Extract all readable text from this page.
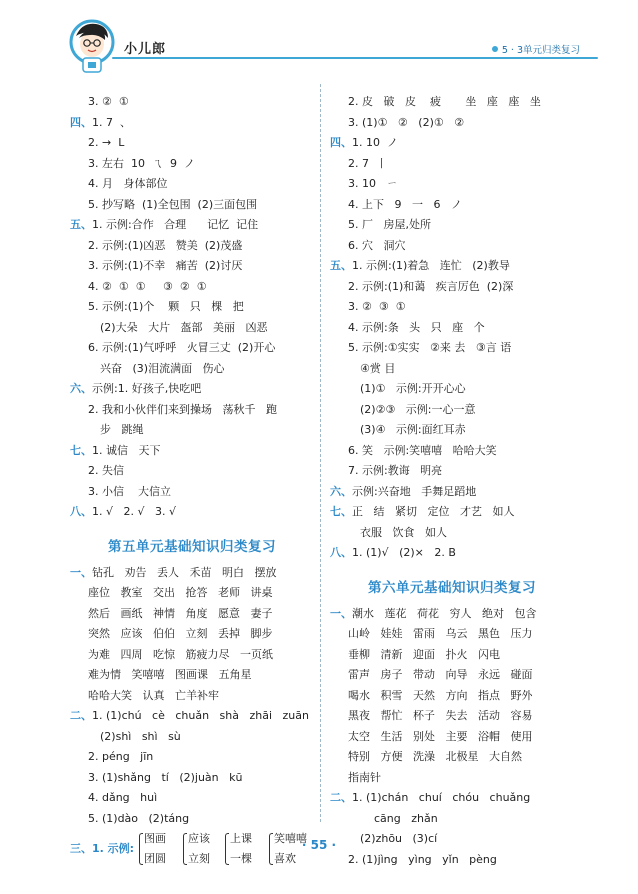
小儿郎	5 · 3单元归类复习
3. ②  ①
四、1. 7  、
2. →  L
3. 左右  10  ㄟ  9  ノ
4. 月   身体部位
5. 抄写略  (1)全包围  (2)三面包围
五、1. 示例:合作   合理      记忆  记住
2. 示例:(1)凶恶   赞美  (2)茂盛
3. 示例:(1)不幸   痛苦  (2)讨厌
4. ②  ①  ①     ③  ②  ①
5. 示例:(1)个    颗   只   棵   把
(2)大朵   大片   盔部   美丽   凶恶
6. 示例:(1)气呼呼   火冒三丈  (2)开心
兴奋   (3)泪流满面   伤心
六、示例:1. 好孩子,快吃吧
2. 我和小伙伴们来到操场   荡秋千   跑
步   跳绳
七、1. 诚信   天下
2. 失信
3. 小信    大信立
八、1. √   2. √   3. √
第五单元基础知识归类复习
一、钻孔   劝告   丢人   禾苗   明白   摆放
座位   教室   交出   抢答   老师   讲桌
然后   画纸   神情   角度   愿意   妻子
突然   应该   伯伯   立刻   丢掉   脚步
为难   四周   吃惊   筋疲力尽   一页纸
难为情   笑嘻嘻   图画课   五角星
哈哈大笑   认真   亡羊补牢
二、1. (1)chú   cè   chuǎn   shà   zhāi   zuān
(2)shì   shì   sù
2. péng   jīn
3. (1)shǎng   tí   (2)juàn   kū
4. dǎng   huì
5. (1)dào   (2)táng
三、1. 示例:
图画
团圆
应该
立刻
上课
一棵
笑嘻嘻
喜欢
2. 皮   破   皮    疲       坐   座   座   坐
3. (1)①   ②   (2)①   ②
四、1. 10  ノ
2. 7  丨
3. 10   ㄧ
4. 上下   9   一   6   ノ
5. 厂   房屋,处所
6. 穴   洞穴
五、1. 示例:(1)着急   连忙   (2)教导
2. 示例:(1)和蔼   疾言厉色  (2)深
3. ②  ③  ①
4. 示例:条   头   只   座   个
5. 示例:①实实   ②来 去   ③言 语
④赏 目
(1)①   示例:开开心心
(2)②③   示例:一心一意
(3)④   示例:面红耳赤
6. 笑   示例:笑嘻嘻   哈哈大笑
7. 示例:教诲   明亮
六、示例:兴奋地   手舞足蹈地
七、正   结   紧切   定位   才艺   如人
衣服   饮食   如人
八、1. (1)√   (2)×   2. B
第六单元基础知识归类复习
一、潮水   莲花   荷花   穷人   绝对   包含
山岭   娃娃   雷雨   乌云   黑色   压力
垂柳   清新   迎面   扑火   闪电
雷声   房子   带动   向导   永远   碰面
喝水   积雪   天然   方向   指点   野外
黑夜   帮忙   杯子   失去   活动   容易
太空   生活   别处   主要   浴帽   使用
特别   方便   洗澡   北极星   大自然
指南针
二、1. (1)chán   chuí   chóu   chuǎng
cāng   zhǎn
(2)zhōu   (3)cí
2. (1)jìng   yìng   yǐn   pèng
· 55 ·
